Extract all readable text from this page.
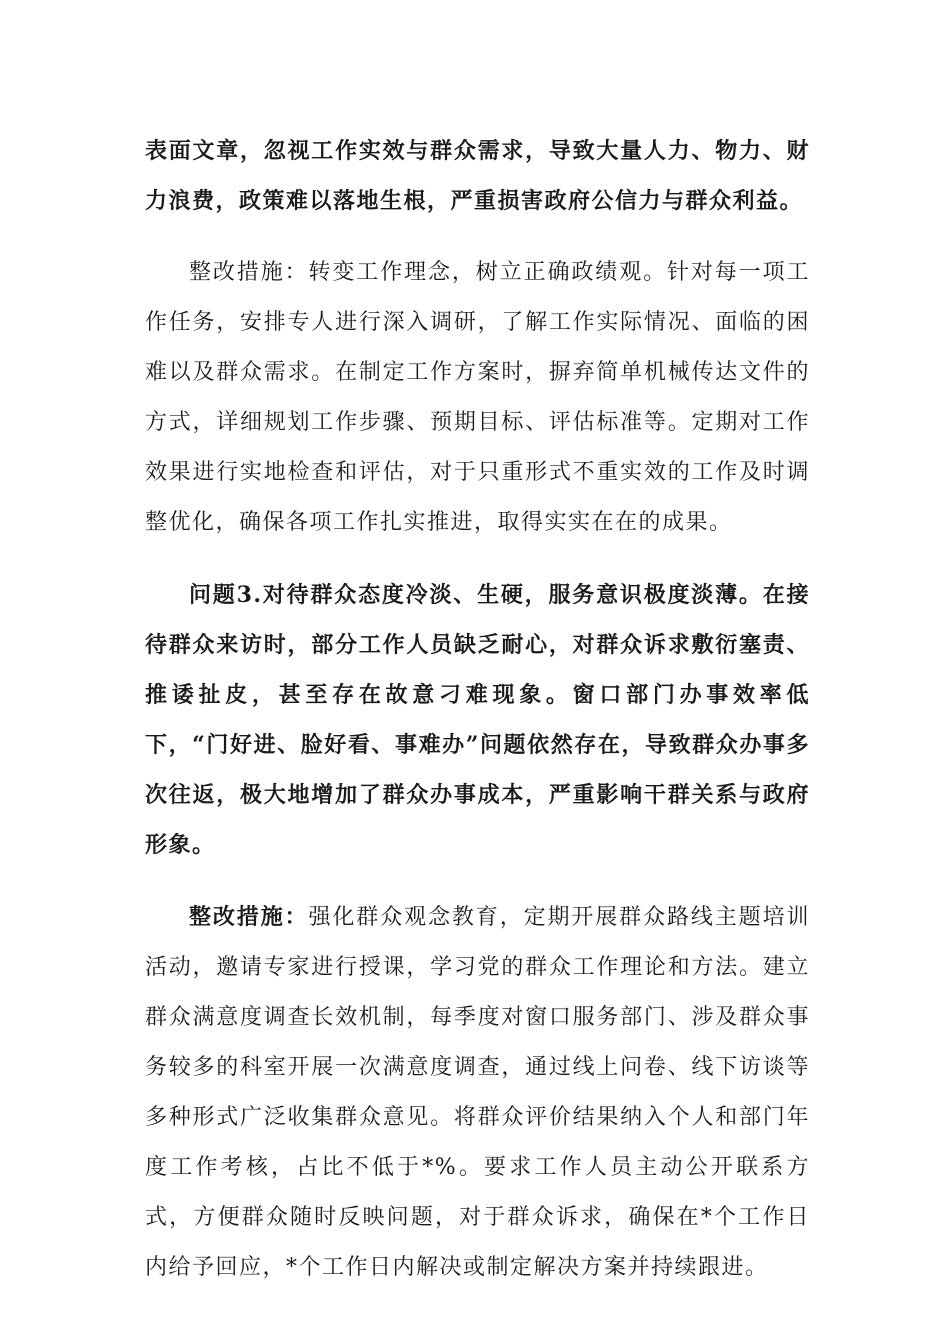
表面文章，忽视工作实效与群众需求，导致大量人力、物力、财力浪费，政策难以落地生根，严重损害政府公信力与群众利益。

整改措施：转变工作理念，树立正确政绩观。针对每一项工作任务，安排专人进行深入调研，了解工作实际情况、面临的困难以及群众需求。在制定工作方案时，摒弃简单机械传达文件的方式，详细规划工作步骤、预期目标、评估标准等。定期对工作效果进行实地检查和评估，对于只重形式不重实效的工作及时调整优化，确保各项工作扎实推进，取得实实在在的成果。

问题3.对待群众态度冷淡、生硬，服务意识极度淡薄。在接待群众来访时，部分工作人员缺乏耐心，对群众诉求敷衍塞责、推诿扯皮，甚至存在故意刁难现象。窗口部门办事效率低下，“门好进、脸好看、事难办”问题依然存在，导致群众办事多次往返，极大地增加了群众办事成本，严重影响干群关系与政府形象。

整改措施：强化群众观念教育，定期开展群众路线主题培训活动，邀请专家进行授课，学习党的群众工作理论和方法。建立群众满意度调查长效机制，每季度对窗口服务部门、涉及群众事务较多的科室开展一次满意度调查，通过线上问卷、线下访谈等多种形式广泛收集群众意见。将群众评价结果纳入个人和部门年度工作考核，占比不低于*%。要求工作人员主动公开联系方式，方便群众随时反映问题，对于群众诉求，确保在*个工作日内给予回应，*个工作日内解决或制定解决方案并持续跟进。
